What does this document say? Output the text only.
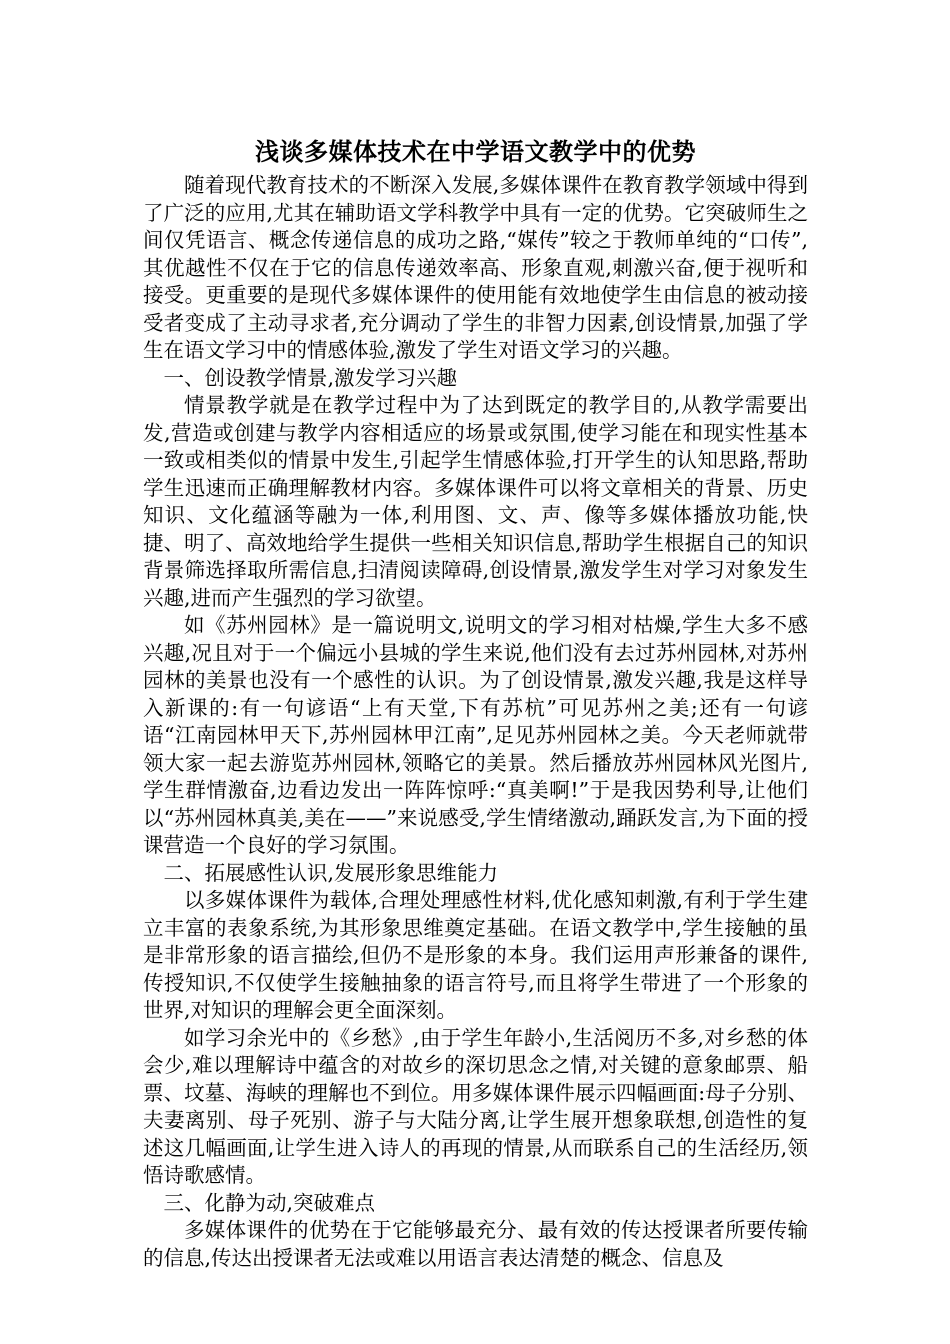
浅谈多媒体技术在中学语文教学中的优势

随着现代教育技术的不断深入发展,多媒体课件在教育教学领域中得到了广泛的应用,尤其在辅助语文学科教学中具有一定的优势。它突破师生之间仅凭语言、概念传递信息的成功之路,“媒传”较之于教师单纯的“口传”,其优越性不仅在于它的信息传递效率高、形象直观,刺激兴奋,便于视听和接受。更重要的是现代多媒体课件的使用能有效地使学生由信息的被动接受者变成了主动寻求者,充分调动了学生的非智力因素,创设情景,加强了学生在语文学习中的情感体验,激发了学生对语文学习的兴趣。

一、创设教学情景,激发学习兴趣

情景教学就是在教学过程中为了达到既定的教学目的,从教学需要出发,营造或创建与教学内容相适应的场景或氛围,使学习能在和现实性基本一致或相类似的情景中发生,引起学生情感体验,打开学生的认知思路,帮助学生迅速而正确理解教材内容。多媒体课件可以将文章相关的背景、历史知识、文化蕴涵等融为一体,利用图、文、声、像等多媒体播放功能,快捷、明了、高效地给学生提供一些相关知识信息,帮助学生根据自己的知识背景筛选择取所需信息,扫清阅读障碍,创设情景,激发学生对学习对象发生兴趣,进而产生强烈的学习欲望。

如《苏州园林》是一篇说明文,说明文的学习相对枯燥,学生大多不感兴趣,况且对于一个偏远小县城的学生来说,他们没有去过苏州园林,对苏州园林的美景也没有一个感性的认识。为了创设情景,激发兴趣,我是这样导入新课的:有一句谚语“上有天堂,下有苏杭”可见苏州之美;还有一句谚语“江南园林甲天下,苏州园林甲江南”,足见苏州园林之美。今天老师就带领大家一起去游览苏州园林,领略它的美景。然后播放苏州园林风光图片,学生群情激奋,边看边发出一阵阵惊呼:“真美啊!”于是我因势利导,让他们以“苏州园林真美,美在——”来说感受,学生情绪激动,踊跃发言,为下面的授课营造一个良好的学习氛围。

二、拓展感性认识,发展形象思维能力

以多媒体课件为载体,合理处理感性材料,优化感知刺激,有利于学生建立丰富的表象系统,为其形象思维奠定基础。在语文教学中,学生接触的虽是非常形象的语言描绘,但仍不是形象的本身。我们运用声形兼备的课件,传授知识,不仅使学生接触抽象的语言符号,而且将学生带进了一个形象的世界,对知识的理解会更全面深刻。

如学习余光中的《乡愁》,由于学生年龄小,生活阅历不多,对乡愁的体会少,难以理解诗中蕴含的对故乡的深切思念之情,对关键的意象邮票、船票、坟墓、海峡的理解也不到位。用多媒体课件展示四幅画面:母子分别、夫妻离别、母子死别、游子与大陆分离,让学生展开想象联想,创造性的复述这几幅画面,让学生进入诗人的再现的情景,从而联系自己的生活经历,领悟诗歌感情。

三、化静为动,突破难点

多媒体课件的优势在于它能够最充分、最有效的传达授课者所要传输的信息,传达出授课者无法或难以用语言表达清楚的概念、信息及
